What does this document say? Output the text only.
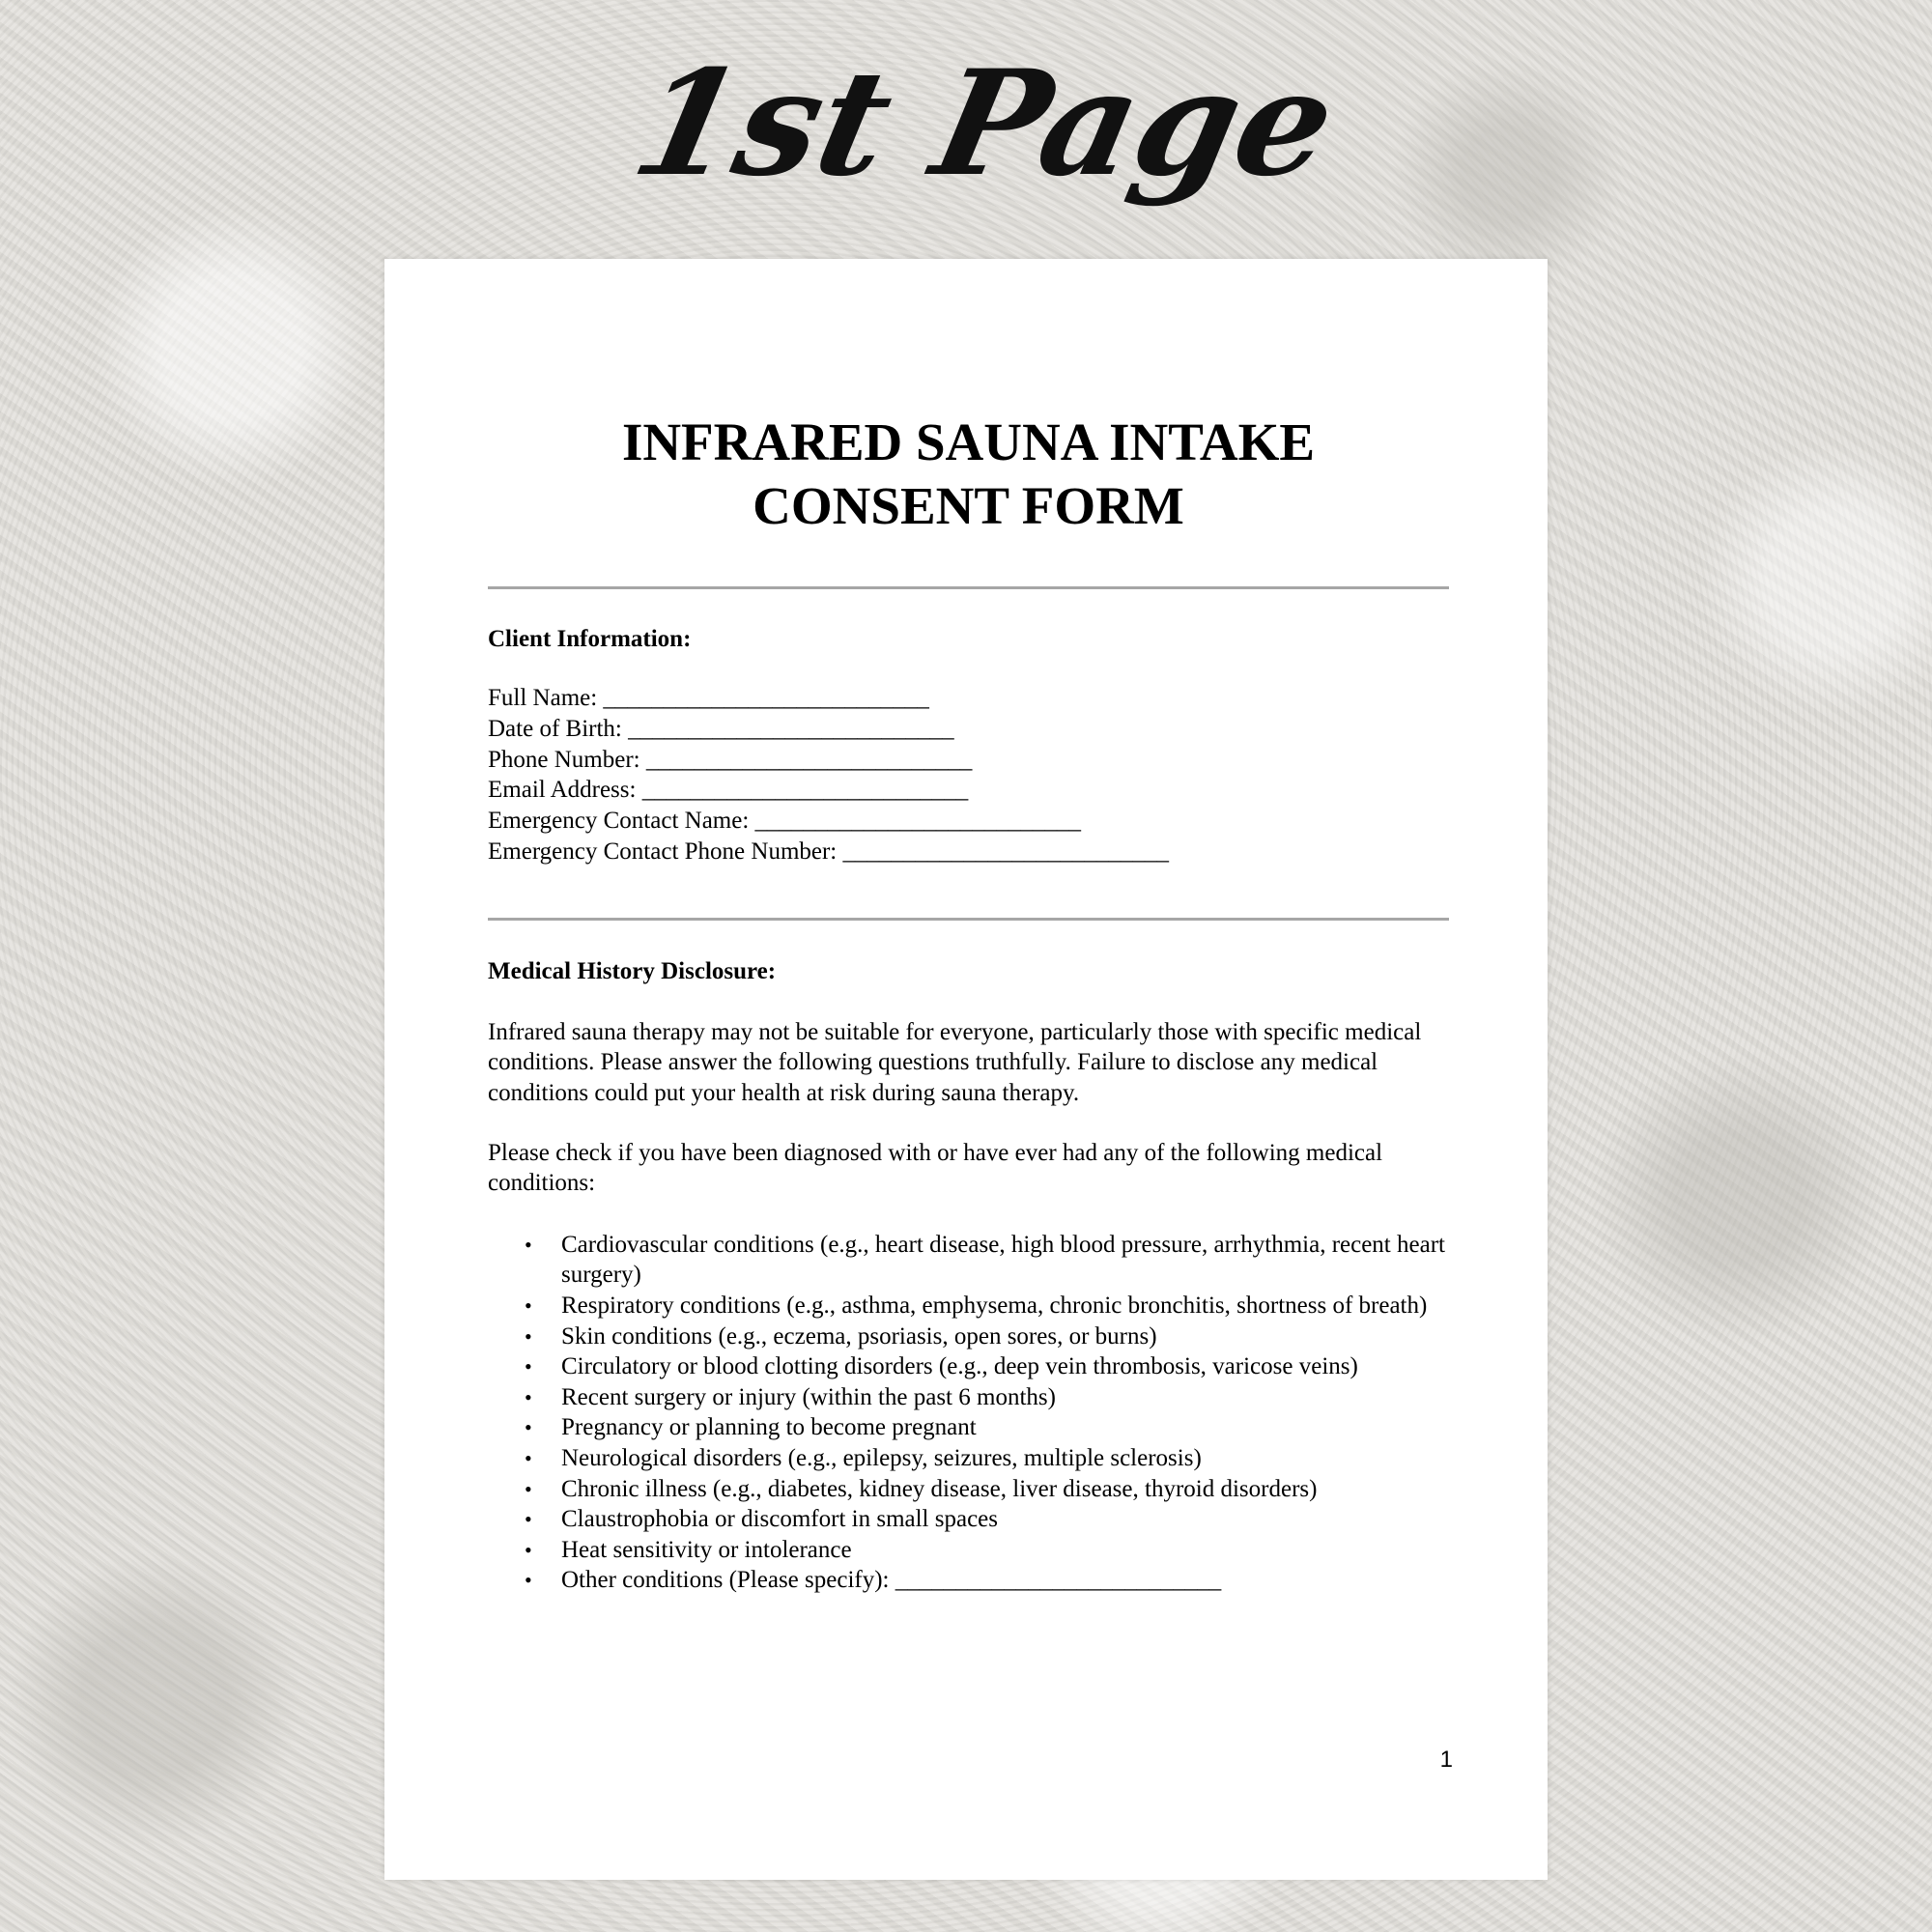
1st Page
INFRARED SAUNA INTAKE
CONSENT FORM

Client Information:

Full Name: ___________________________
Date of Birth: ___________________________
Phone Number: ___________________________
Email Address: ___________________________
Emergency Contact Name: ___________________________
Emergency Contact Phone Number: ___________________________

Medical History Disclosure:

Infrared sauna therapy may not be suitable for everyone, particularly those with specific medical conditions. Please answer the following questions truthfully. Failure to disclose any medical conditions could put your health at risk during sauna therapy.

Please check if you have been diagnosed with or have ever had any of the following medical conditions:

• Cardiovascular conditions (e.g., heart disease, high blood pressure, arrhythmia, recent heart surgery)
• Respiratory conditions (e.g., asthma, emphysema, chronic bronchitis, shortness of breath)
• Skin conditions (e.g., eczema, psoriasis, open sores, or burns)
• Circulatory or blood clotting disorders (e.g., deep vein thrombosis, varicose veins)
• Recent surgery or injury (within the past 6 months)
• Pregnancy or planning to become pregnant
• Neurological disorders (e.g., epilepsy, seizures, multiple sclerosis)
• Chronic illness (e.g., diabetes, kidney disease, liver disease, thyroid disorders)
• Claustrophobia or discomfort in small spaces
• Heat sensitivity or intolerance
• Other conditions (Please specify): ___________________________
1
